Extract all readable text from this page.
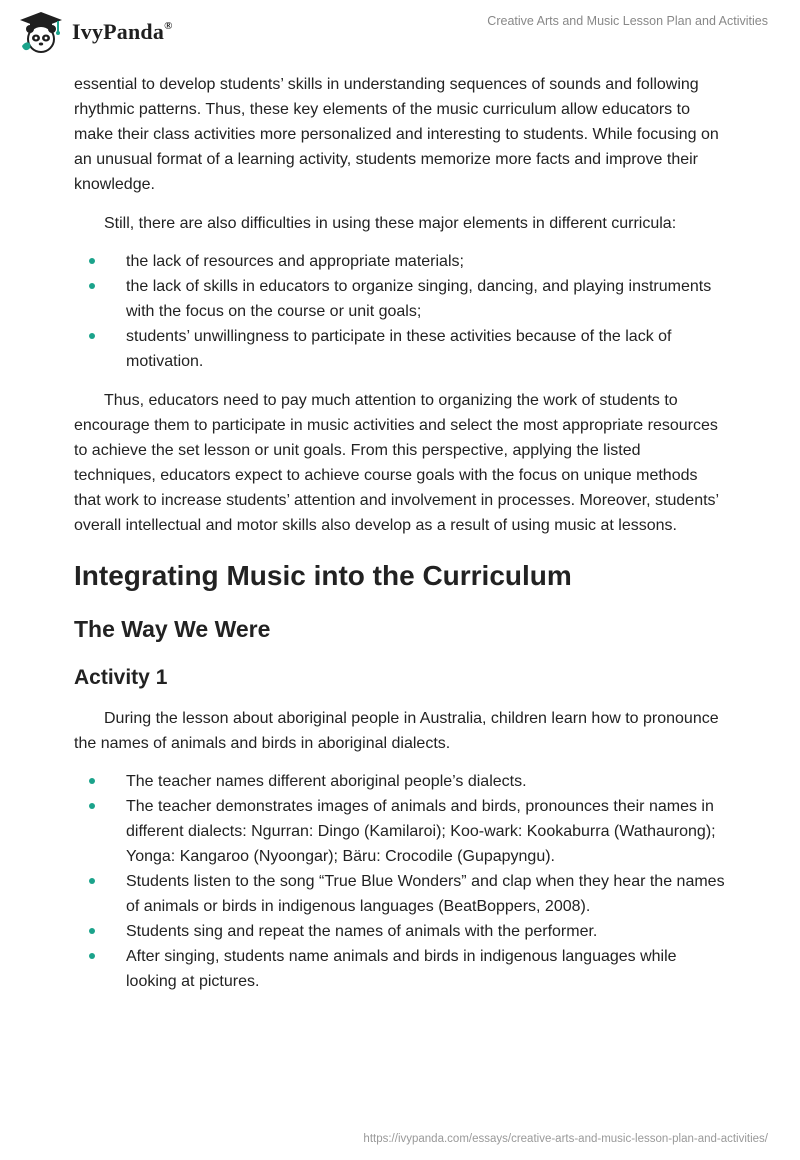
IvyPanda®	Creative Arts and Music Lesson Plan and Activities

essential to develop students’ skills in understanding sequences of sounds and following rhythmic patterns. Thus, these key elements of the music curriculum allow educators to make their class activities more personalized and interesting to students. While focusing on an unusual format of a learning activity, students memorize more facts and improve their knowledge.

Still, there are also difficulties in using these major elements in different curricula:

the lack of resources and appropriate materials;
the lack of skills in educators to organize singing, dancing, and playing instruments with the focus on the course or unit goals;
students’ unwillingness to participate in these activities because of the lack of motivation.

Thus, educators need to pay much attention to organizing the work of students to encourage them to participate in music activities and select the most appropriate resources to achieve the set lesson or unit goals. From this perspective, applying the listed techniques, educators expect to achieve course goals with the focus on unique methods that work to increase students’ attention and involvement in processes. Moreover, students’ overall intellectual and motor skills also develop as a result of using music at lessons.

Integrating Music into the Curriculum
The Way We Were
Activity 1

During the lesson about aboriginal people in Australia, children learn how to pronounce the names of animals and birds in aboriginal dialects.

The teacher names different aboriginal people’s dialects.
The teacher demonstrates images of animals and birds, pronounces their names in different dialects: Ngurran: Dingo (Kamilaroi); Koo-wark: Kookaburra (Wathaurong); Yonga: Kangaroo (Nyoongar); Bäru: Crocodile (Gupapyngu).
Students listen to the song “True Blue Wonders” and clap when they hear the names of animals or birds in indigenous languages (BeatBoppers, 2008).
Students sing and repeat the names of animals with the performer.
After singing, students name animals and birds in indigenous languages while looking at pictures.
https://ivypanda.com/essays/creative-arts-and-music-lesson-plan-and-activities/
